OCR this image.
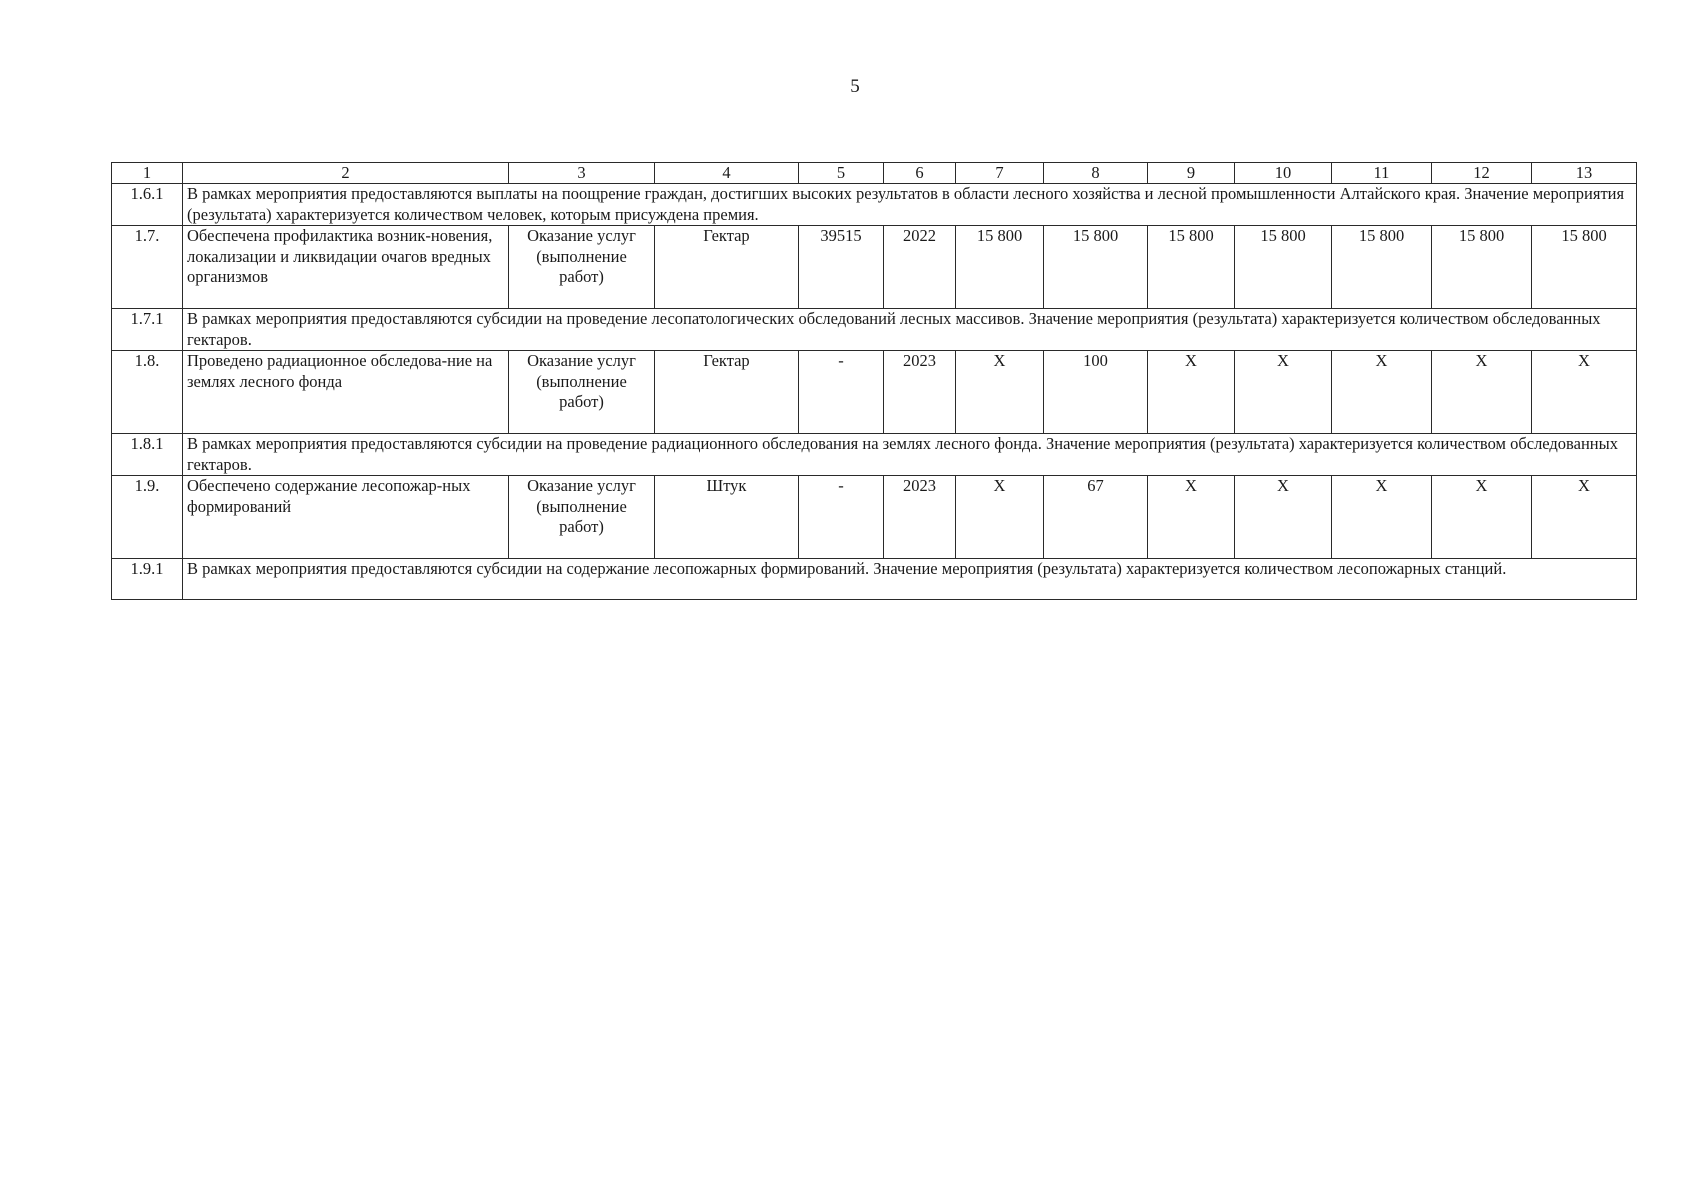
5
1	2	3	4	5	6	7	8	9	10	11	12	13
1.6.1	В рамках мероприятия предоставляются выплаты на поощрение граждан, достигших высоких результатов в области лесного хозяйства и лесной промышленности Алтайского края. Значение мероприятия (результата) характеризуется количеством человек, которым присуждена премия.											
1.7.	Обеспечена профилактика возник-новения, локализации и ликвидации очагов вредных организмов	Оказание услуг (выполнение работ)	Гектар	39515	2022	15 800	15 800	15 800	15 800	15 800	15 800	15 800
1.7.1	В рамках мероприятия предоставляются субсидии на проведение лесопатологических обследований лесных массивов. Значение мероприятия (результата) характеризуется количеством обследованных гектаров.											
1.8.	Проведено радиационное обследова-ние на землях лесного фонда	Оказание услуг (выполнение работ)	Гектар	-	2023	X	100	X	X	X	X	X
1.8.1	В рамках мероприятия предоставляются субсидии на проведение радиационного обследования на землях лесного фонда. Значение мероприятия (результата) характеризуется количеством обследованных гектаров.											
1.9.	Обеспечено содержание лесопожар-ных формирований	Оказание услуг (выполнение работ)	Штук	-	2023	X	67	X	X	X	X	X
1.9.1	В рамках мероприятия предоставляются субсидии на содержание лесопожарных формирований. Значение мероприятия (результата) характеризуется количеством лесопожарных станций.											
